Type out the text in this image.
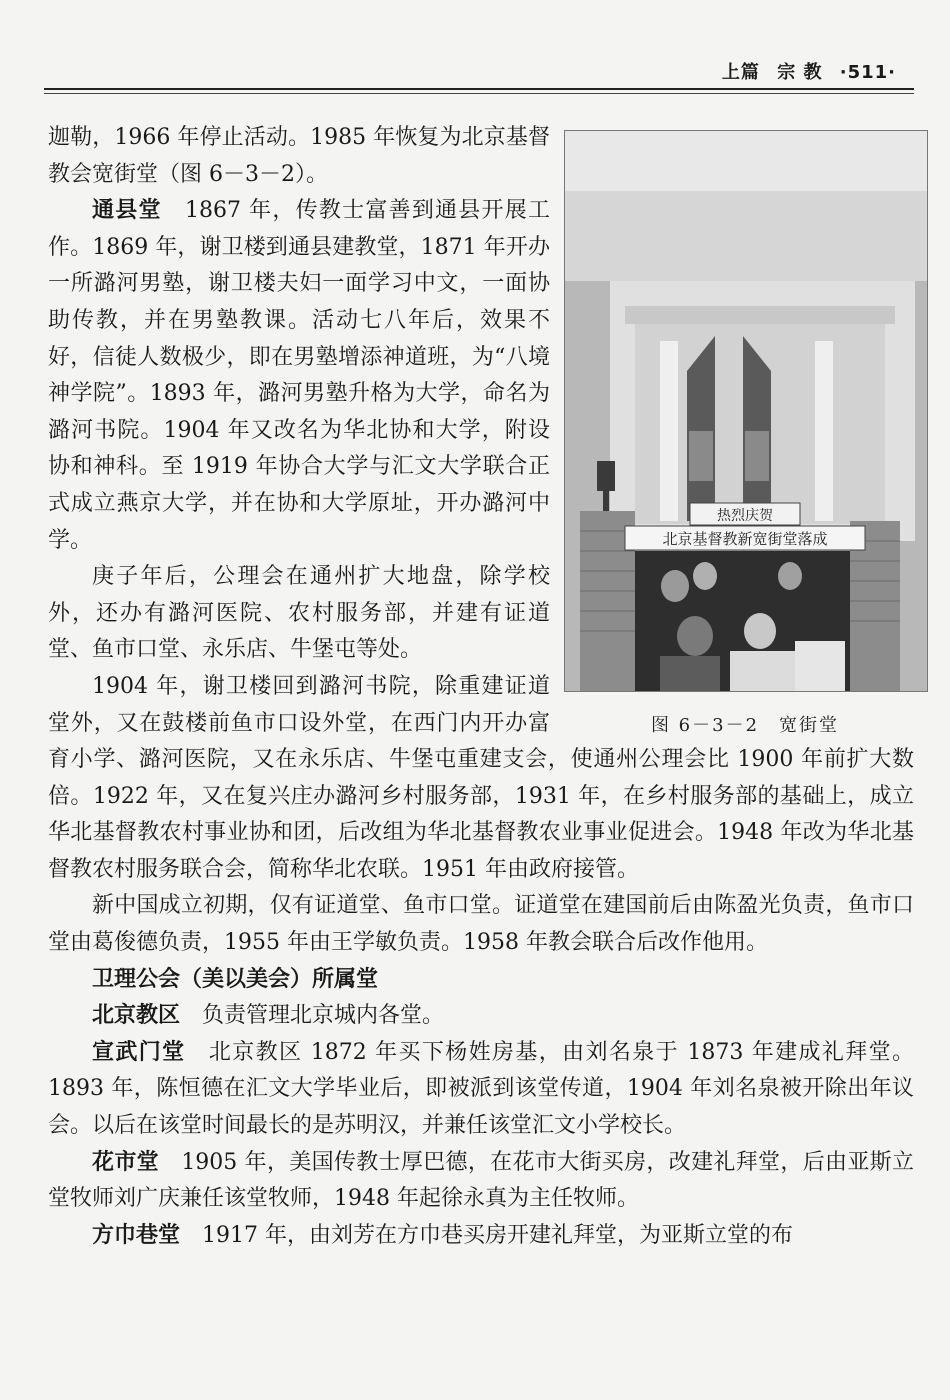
上篇 宗 教 ·511·
热烈庆贺
北京基督教新宽街堂落成
图 6－3－2　宽街堂

迦勒，1966 年停止活动。1985 年恢复为北京基督教会宽街堂（图 6－3－2）。

通县堂　 1867 年，传教士富善到通县开展工作。1869 年，谢卫楼到通县建教堂，1871 年开办一所潞河男塾，谢卫楼夫妇一面学习中文，一面协助传教，并在男塾教课。活动七八年后，效果不好，信徒人数极少，即在男塾增添神道班，为“八境神学院”。1893 年，潞河男塾升格为大学，命名为潞河书院。1904 年又改名为华北协和大学，附设协和神科。至 1919 年协合大学与汇文大学联合正式成立燕京大学，并在协和大学原址，开办潞河中学。

庚子年后，公理会在通州扩大地盘，除学校外，还办有潞河医院、农村服务部，并建有证道堂、鱼市口堂、永乐店、牛堡屯等处。

1904 年，谢卫楼回到潞河书院，除重建证道堂外，又在鼓楼前鱼市口设外堂，在西门内开办富育小学、潞河医院，又在永乐店、牛堡屯重建支会，使通州公理会比 1900 年前扩大数倍。1922 年，又在复兴庄办潞河乡村服务部，1931 年，在乡村服务部的基础上，成立华北基督教农村事业协和团，后改组为华北基督教农业事业促进会。1948 年改为华北基督教农村服务联合会，简称华北农联。1951 年由政府接管。

新中国成立初期，仅有证道堂、鱼市口堂。证道堂在建国前后由陈盈光负责，鱼市口堂由葛俊德负责，1955 年由王学敏负责。1958 年教会联合后改作他用。

卫理公会（美以美会）所属堂

北京教区　 负责管理北京城内各堂。

宣武门堂　 北京教区 1872 年买下杨姓房基，由刘名泉于 1873 年建成礼拜堂。1893 年，陈恒德在汇文大学毕业后，即被派到该堂传道，1904 年刘名泉被开除出年议会。以后在该堂时间最长的是苏明汉，并兼任该堂汇文小学校长。

花市堂　 1905 年，美国传教士厚巴德，在花市大街买房，改建礼拜堂，后由亚斯立堂牧师刘广庆兼任该堂牧师，1948 年起徐永真为主任牧师。

方巾巷堂　 1917 年，由刘芳在方巾巷买房开建礼拜堂，为亚斯立堂的布
